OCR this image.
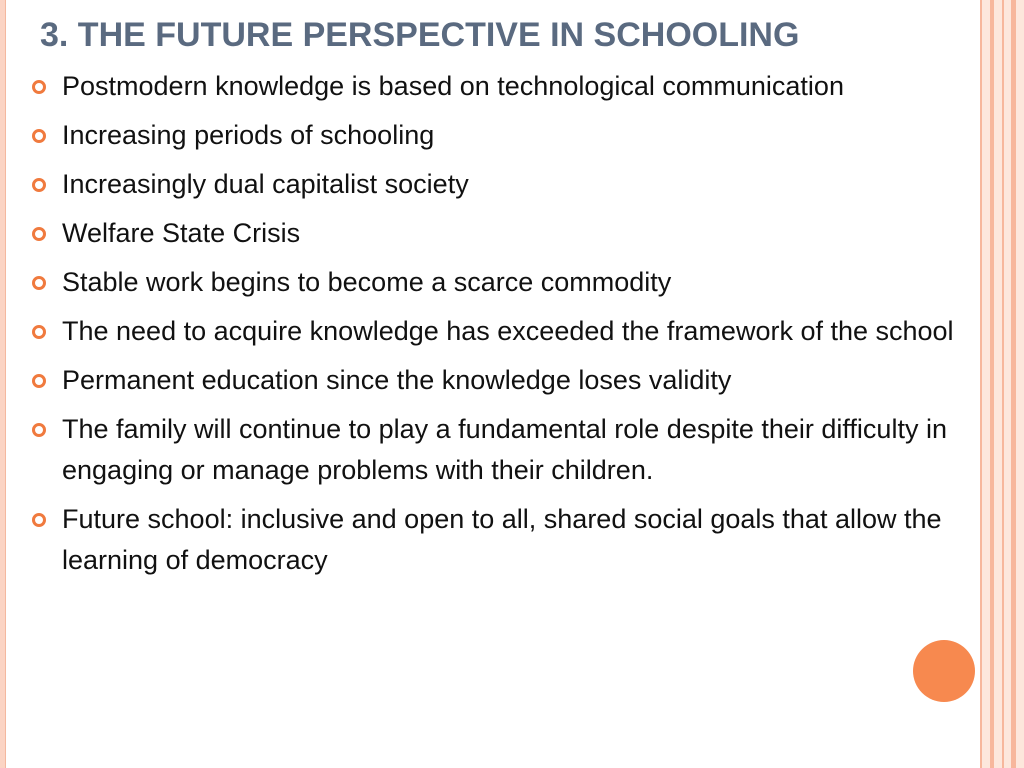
3. THE FUTURE PERSPECTIVE IN SCHOOLING
Postmodern knowledge is based on technological communication
Increasing periods of schooling
Increasingly dual capitalist society
Welfare State Crisis
Stable work begins to become a scarce commodity
The need to acquire knowledge has exceeded the framework of the school
Permanent education since the knowledge loses validity
The family will continue to play a fundamental role despite their difficulty in engaging or manage problems with their children.
Future school: inclusive and open to all, shared social goals that allow the learning of democracy
